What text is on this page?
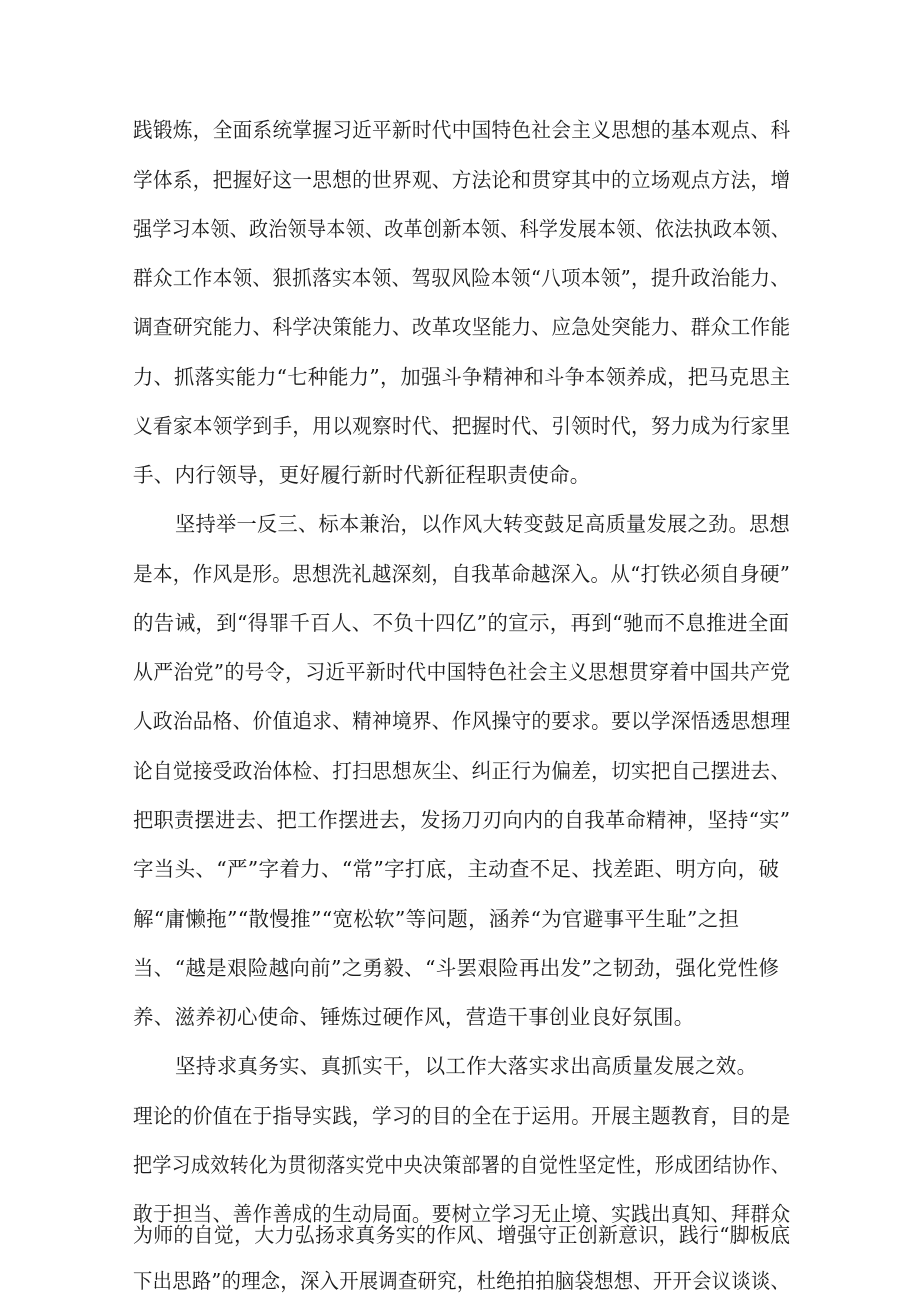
践锻炼，全面系统掌握习近平新时代中国特色社会主义思想的基本观点、科
学体系，把握好这一思想的世界观、方法论和贯穿其中的立场观点方法，增
强学习本领、政治领导本领、改革创新本领、科学发展本领、依法执政本领、
群众工作本领、狠抓落实本领、驾驭风险本领“八项本领”，提升政治能力、
调查研究能力、科学决策能力、改革攻坚能力、应急处突能力、群众工作能
力、抓落实能力“七种能力”，加强斗争精神和斗争本领养成，把马克思主
义看家本领学到手，用以观察时代、把握时代、引领时代，努力成为行家里
手、内行领导，更好履行新时代新征程职责使命。
坚持举一反三、标本兼治，以作风大转变鼓足高质量发展之劲。思想
是本，作风是形。思想洗礼越深刻，自我革命越深入。从“打铁必须自身硬”
的告诫，到“得罪千百人、不负十四亿”的宣示，再到“驰而不息推进全面
从严治党”的号令，习近平新时代中国特色社会主义思想贯穿着中国共产党
人政治品格、价值追求、精神境界、作风操守的要求。要以学深悟透思想理
论自觉接受政治体检、打扫思想灰尘、纠正行为偏差，切实把自己摆进去、
把职责摆进去、把工作摆进去，发扬刀刃向内的自我革命精神，坚持“实”
字当头、“严”字着力、“常”字打底，主动查不足、找差距、明方向，破
解“庸懒拖”“散慢推”“宽松软”等问题，涵养“为官避事平生耻”之担
当、“越是艰险越向前”之勇毅、“斗罢艰险再出发”之韧劲，强化党性修
养、滋养初心使命、锤炼过硬作风，营造干事创业良好氛围。
坚持求真务实、真抓实干，以工作大落实求出高质量发展之效。
理论的价值在于指导实践，学习的目的全在于运用。开展主题教育，目的是
把学习成效转化为贯彻落实党中央决策部署的自觉性坚定性，形成团结协作、
敢于担当、善作善成的生动局面。要树立学习无止境、实践出真知、拜群众
为师的自觉，大力弘扬求真务实的作风、增强守正创新意识，践行“脚板底
下出思路”的理念，深入开展调查研究，杜绝拍拍脑袋想想、开开会议谈谈、
